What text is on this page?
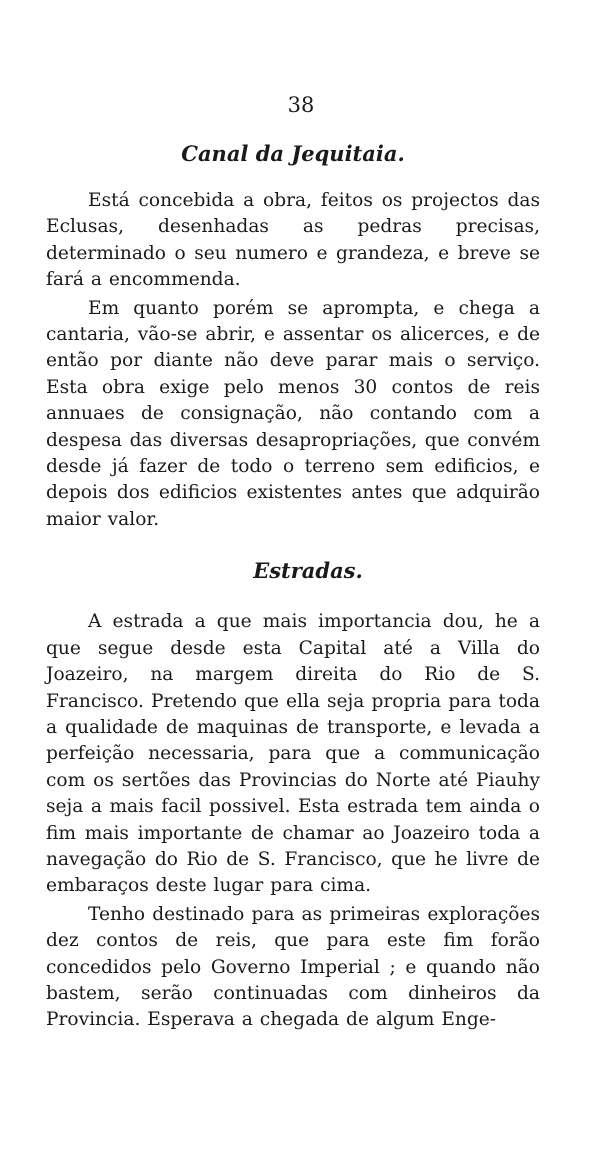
38
Canal da Jequitaia.

Está concebida a obra, feitos os projectos das Eclusas, desenhadas as pedras precisas, determinado o seu numero e grandeza, e breve se fará a encommenda.

Em quanto porém se aprompta, e chega a cantaria, vão-se abrir, e assentar os alicerces, e de então por diante não deve parar mais o serviço. Esta obra exige pelo menos 30 contos de reis annuaes de consignação, não contando com a despesa das diversas desapropriações, que convém desde já fazer de todo o terreno sem edificios, e depois dos edificios existentes antes que adquirão maior valor.

Estradas.

A estrada a que mais importancia dou, he a que segue desde esta Capital até a Villa do Joazeiro, na margem direita do Rio de S. Francisco. Pretendo que ella seja propria para toda a qualidade de maquinas de transporte, e levada a perfeição necessaria, para que a communicação com os sertões das Provincias do Norte até Piauhy seja a mais facil possivel. Esta estrada tem ainda o fim mais importante de chamar ao Joazeiro toda a navegação do Rio de S. Francisco, que he livre de embaraços deste lugar para cima.

Tenho destinado para as primeiras explorações dez contos de reis, que para este fim forão concedidos pelo Governo Imperial ; e quando não bastem, serão continuadas com dinheiros da Provincia. Esperava a chegada de algum Enge-
